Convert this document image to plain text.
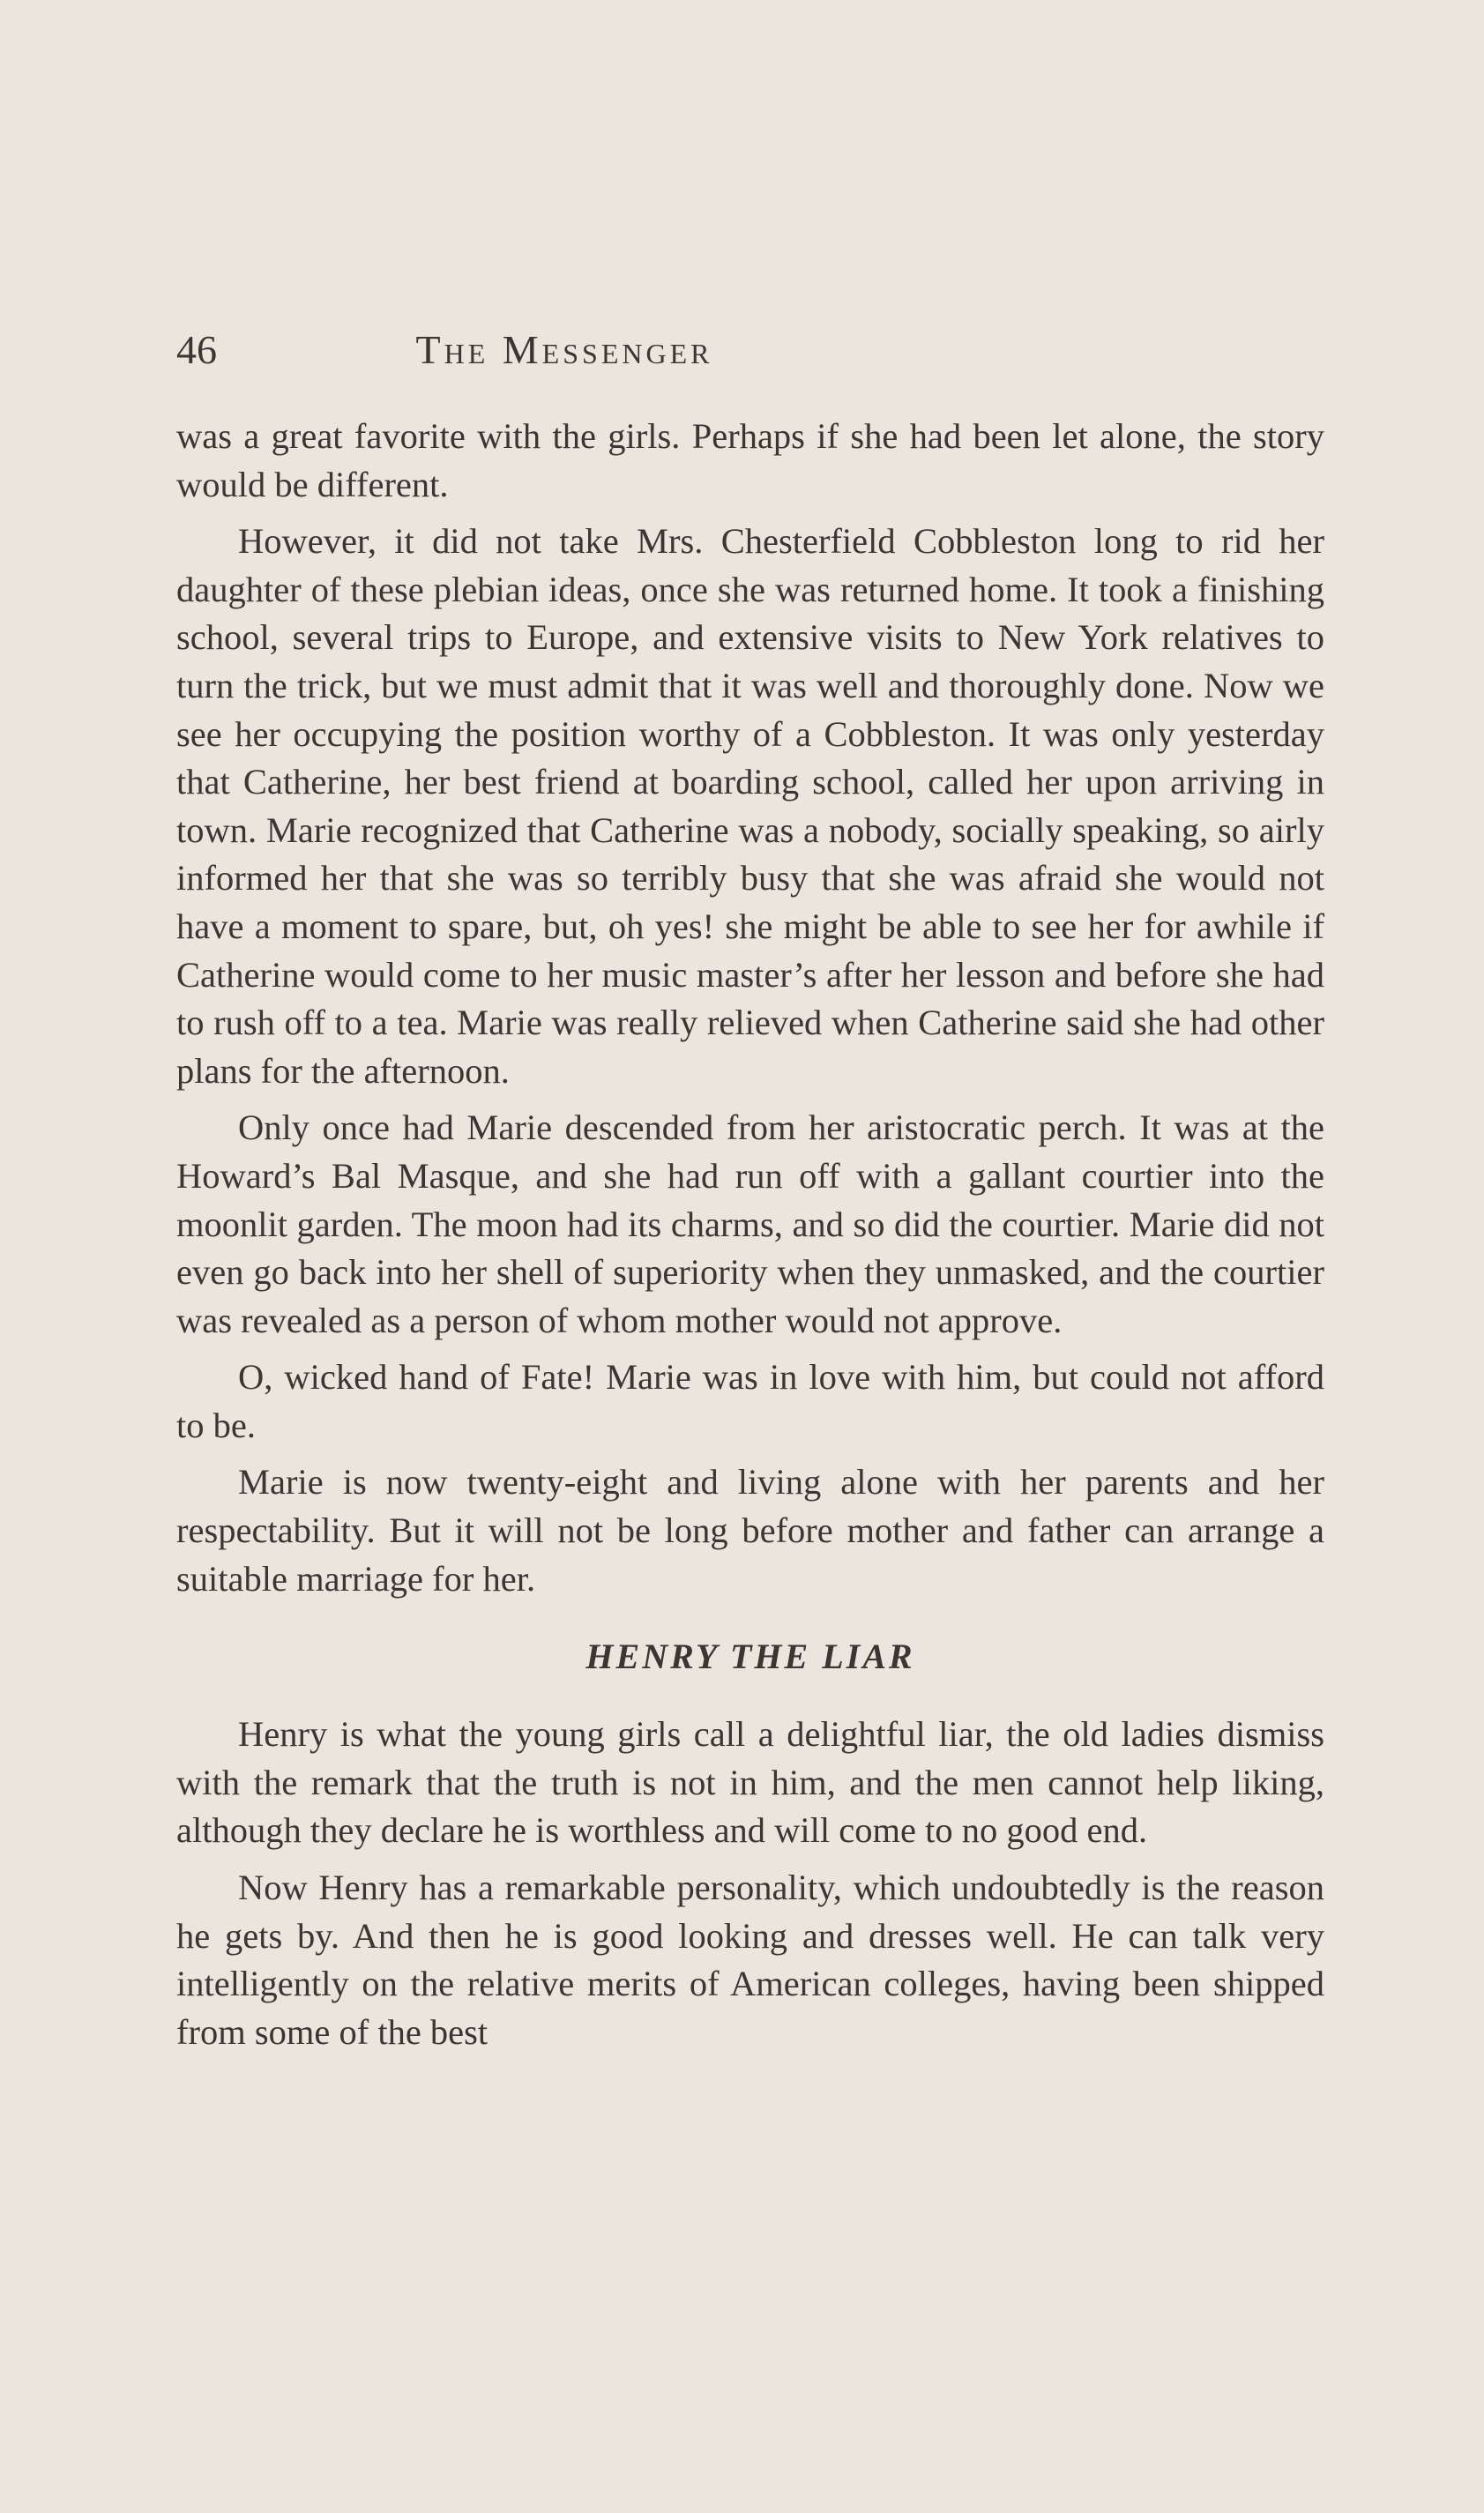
46	The Messenger

was a great favorite with the girls. Perhaps if she had been let alone, the story would be different.

However, it did not take Mrs. Chesterfield Cobbleston long to rid her daughter of these plebian ideas, once she was returned home. It took a finishing school, several trips to Europe, and extensive visits to New York relatives to turn the trick, but we must admit that it was well and thoroughly done. Now we see her occupying the position worthy of a Cobbleston. It was only yesterday that Catherine, her best friend at boarding school, called her upon arriving in town. Marie recognized that Catherine was a nobody, socially speaking, so airly informed her that she was so terribly busy that she was afraid she would not have a moment to spare, but, oh yes! she might be able to see her for awhile if Catherine would come to her music master’s after her lesson and before she had to rush off to a tea. Marie was really relieved when Catherine said she had other plans for the afternoon.

Only once had Marie descended from her aristocratic perch. It was at the Howard’s Bal Masque, and she had run off with a gallant courtier into the moonlit garden. The moon had its charms, and so did the courtier. Marie did not even go back into her shell of superiority when they unmasked, and the courtier was revealed as a person of whom mother would not approve.

O, wicked hand of Fate! Marie was in love with him, but could not afford to be.

Marie is now twenty-eight and living alone with her parents and her respectability. But it will not be long before mother and father can arrange a suitable marriage for her.

HENRY THE LIAR

Henry is what the young girls call a delightful liar, the old ladies dismiss with the remark that the truth is not in him, and the men cannot help liking, although they declare he is worthless and will come to no good end.

Now Henry has a remarkable personality, which undoubtedly is the reason he gets by. And then he is good looking and dresses well. He can talk very intelligently on the relative merits of American colleges, having been shipped from some of the best
